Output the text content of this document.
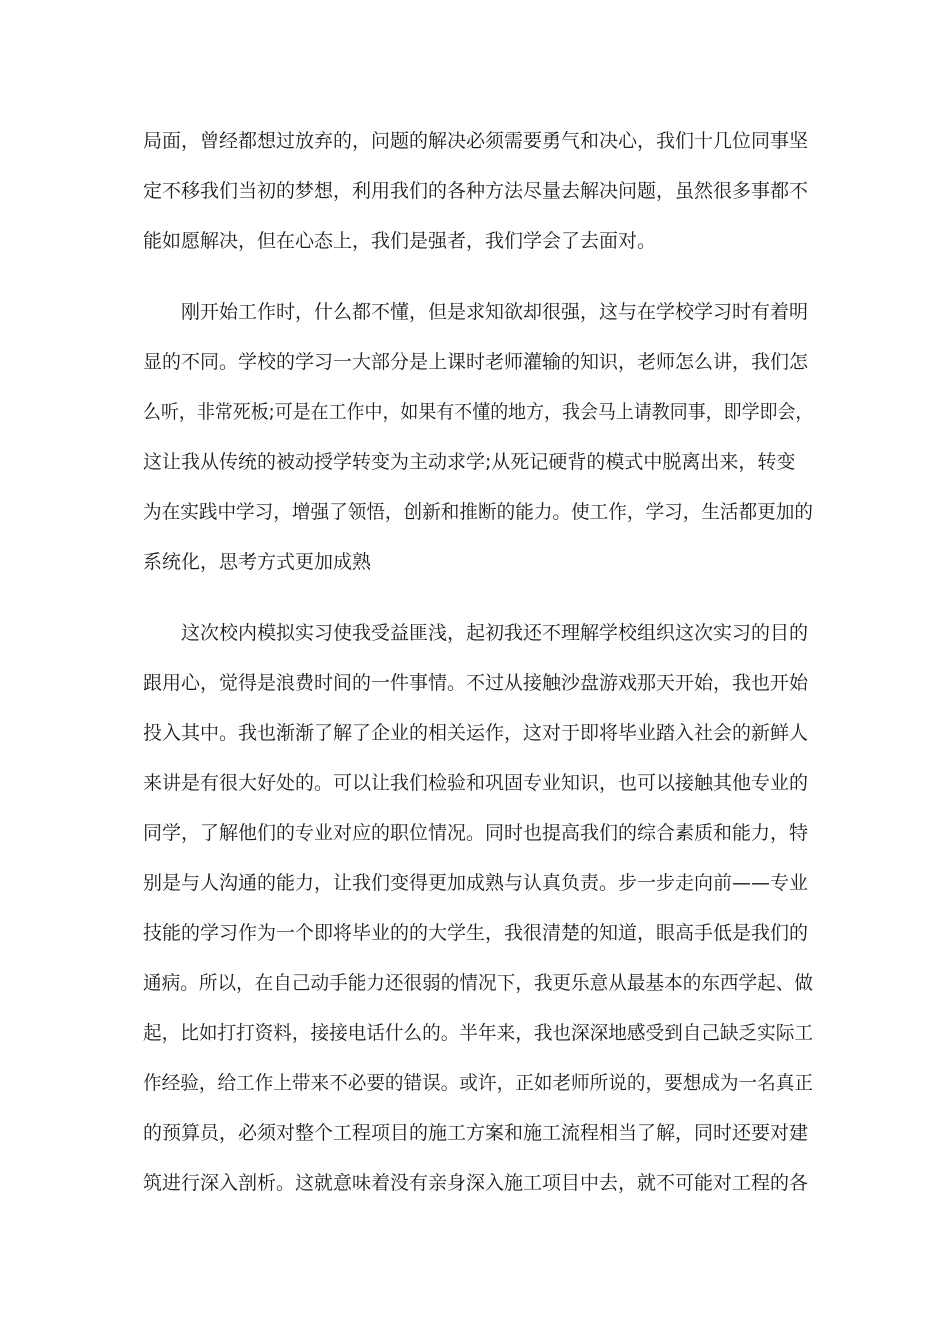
局面，曾经都想过放弃的，问题的解决必须需要勇气和决心，我们十几位同事坚
定不移我们当初的梦想，利用我们的各种方法尽量去解决问题，虽然很多事都不
能如愿解决，但在心态上，我们是强者，我们学会了去面对。
刚开始工作时，什么都不懂，但是求知欲却很强，这与在学校学习时有着明
显的不同。学校的学习一大部分是上课时老师灌输的知识，老师怎么讲，我们怎
么听，非常死板;可是在工作中，如果有不懂的地方，我会马上请教同事，即学即会，
这让我从传统的被动授学转变为主动求学;从死记硬背的模式中脱离出来，转变
为在实践中学习，增强了领悟，创新和推断的能力。使工作，学习，生活都更加的
系统化，思考方式更加成熟
这次校内模拟实习使我受益匪浅，起初我还不理解学校组织这次实习的目的
跟用心，觉得是浪费时间的一件事情。不过从接触沙盘游戏那天开始，我也开始
投入其中。我也渐渐了解了企业的相关运作，这对于即将毕业踏入社会的新鲜人
来讲是有很大好处的。可以让我们检验和巩固专业知识，也可以接触其他专业的
同学，了解他们的专业对应的职位情况。同时也提高我们的综合素质和能力，特
别是与人沟通的能力，让我们变得更加成熟与认真负责。步一步走向前——专业
技能的学习作为一个即将毕业的的大学生，我很清楚的知道，眼高手低是我们的
通病。所以，在自己动手能力还很弱的情况下，我更乐意从最基本的东西学起、做
起，比如打打资料，接接电话什么的。半年来，我也深深地感受到自己缺乏实际工
作经验，给工作上带来不必要的错误。或许，正如老师所说的，要想成为一名真正
的预算员，必须对整个工程项目的施工方案和施工流程相当了解，同时还要对建
筑进行深入剖析。这就意味着没有亲身深入施工项目中去，就不可能对工程的各
